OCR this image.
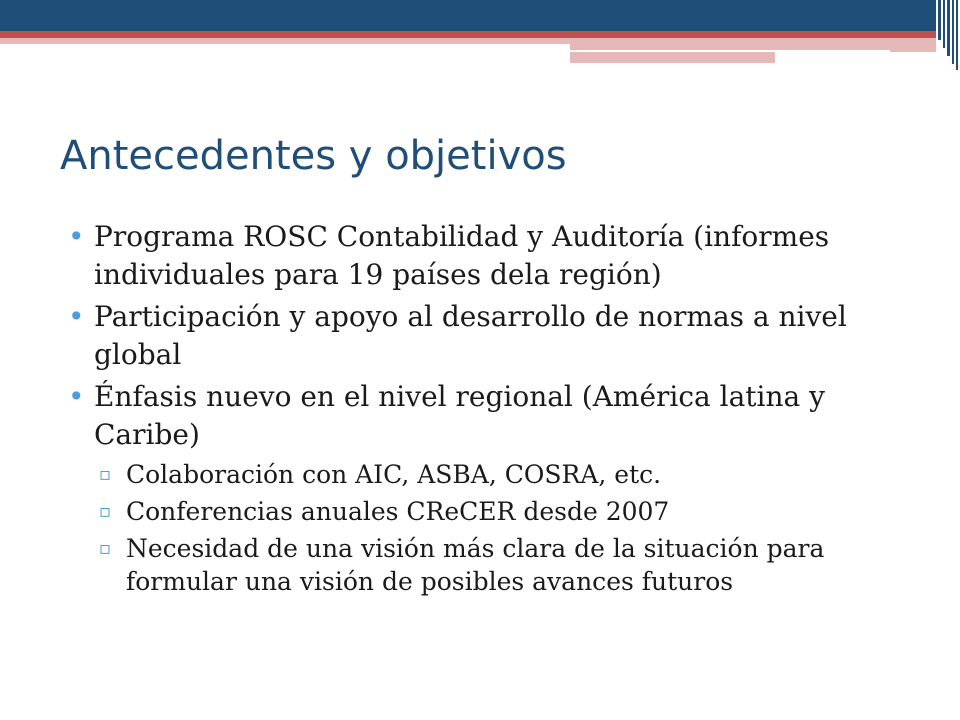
Antecedentes y objetivos
• Programa ROSC Contabilidad y Auditoría (informes individuales para 19 países dela región)
• Participación y apoyo al desarrollo de normas a nivel global
• Énfasis nuevo en el nivel regional (América latina y Caribe)
▫ Colaboración con AIC, ASBA, COSRA, etc.
▫ Conferencias anuales CReCER desde 2007
▫ Necesidad de una visión más clara de la situación para formular una visión de posibles avances futuros
